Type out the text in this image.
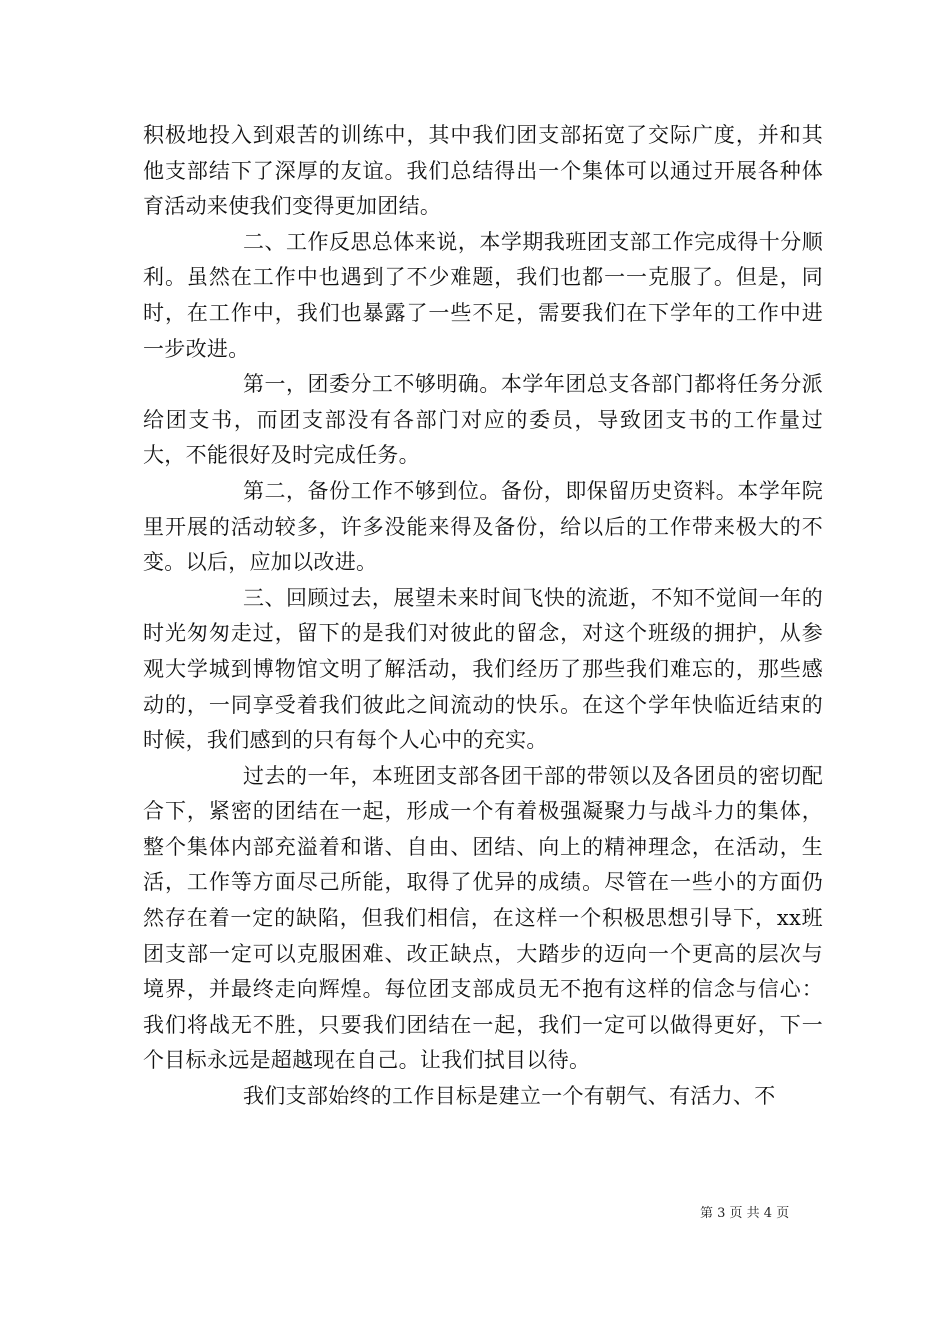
积极地投入到艰苦的训练中，其中我们团支部拓宽了交际广度，并和其他支部结下了深厚的友谊。我们总结得出一个集体可以通过开展各种体育活动来使我们变得更加团结。

二、工作反思总体来说，本学期我班团支部工作完成得十分顺利。虽然在工作中也遇到了不少难题，我们也都一一克服了。但是，同时，在工作中，我们也暴露了一些不足，需要我们在下学年的工作中进一步改进。

第一，团委分工不够明确。本学年团总支各部门都将任务分派给团支书，而团支部没有各部门对应的委员，导致团支书的工作量过大，不能很好及时完成任务。

第二，备份工作不够到位。备份，即保留历史资料。本学年院里开展的活动较多，许多没能来得及备份，给以后的工作带来极大的不变。以后，应加以改进。

三、回顾过去，展望未来时间飞快的流逝，不知不觉间一年的时光匆匆走过，留下的是我们对彼此的留念，对这个班级的拥护，从参观大学城到博物馆文明了解活动，我们经历了那些我们难忘的，那些感动的，一同享受着我们彼此之间流动的快乐。在这个学年快临近结束的时候，我们感到的只有每个人心中的充实。

过去的一年，本班团支部各团干部的带领以及各团员的密切配合下，紧密的团结在一起，形成一个有着极强凝聚力与战斗力的集体，整个集体内部充溢着和谐、自由、团结、向上的精神理念，在活动，生活，工作等方面尽己所能，取得了优异的成绩。尽管在一些小的方面仍然存在着一定的缺陷，但我们相信，在这样一个积极思想引导下，xx班团支部一定可以克服困难、改正缺点，大踏步的迈向一个更高的层次与境界，并最终走向辉煌。每位团支部成员无不抱有这样的信念与信心：我们将战无不胜，只要我们团结在一起，我们一定可以做得更好，下一个目标永远是超越现在自己。让我们拭目以待。

我们支部始终的工作目标是建立一个有朝气、有活力、不

第 3 页 共 4 页
